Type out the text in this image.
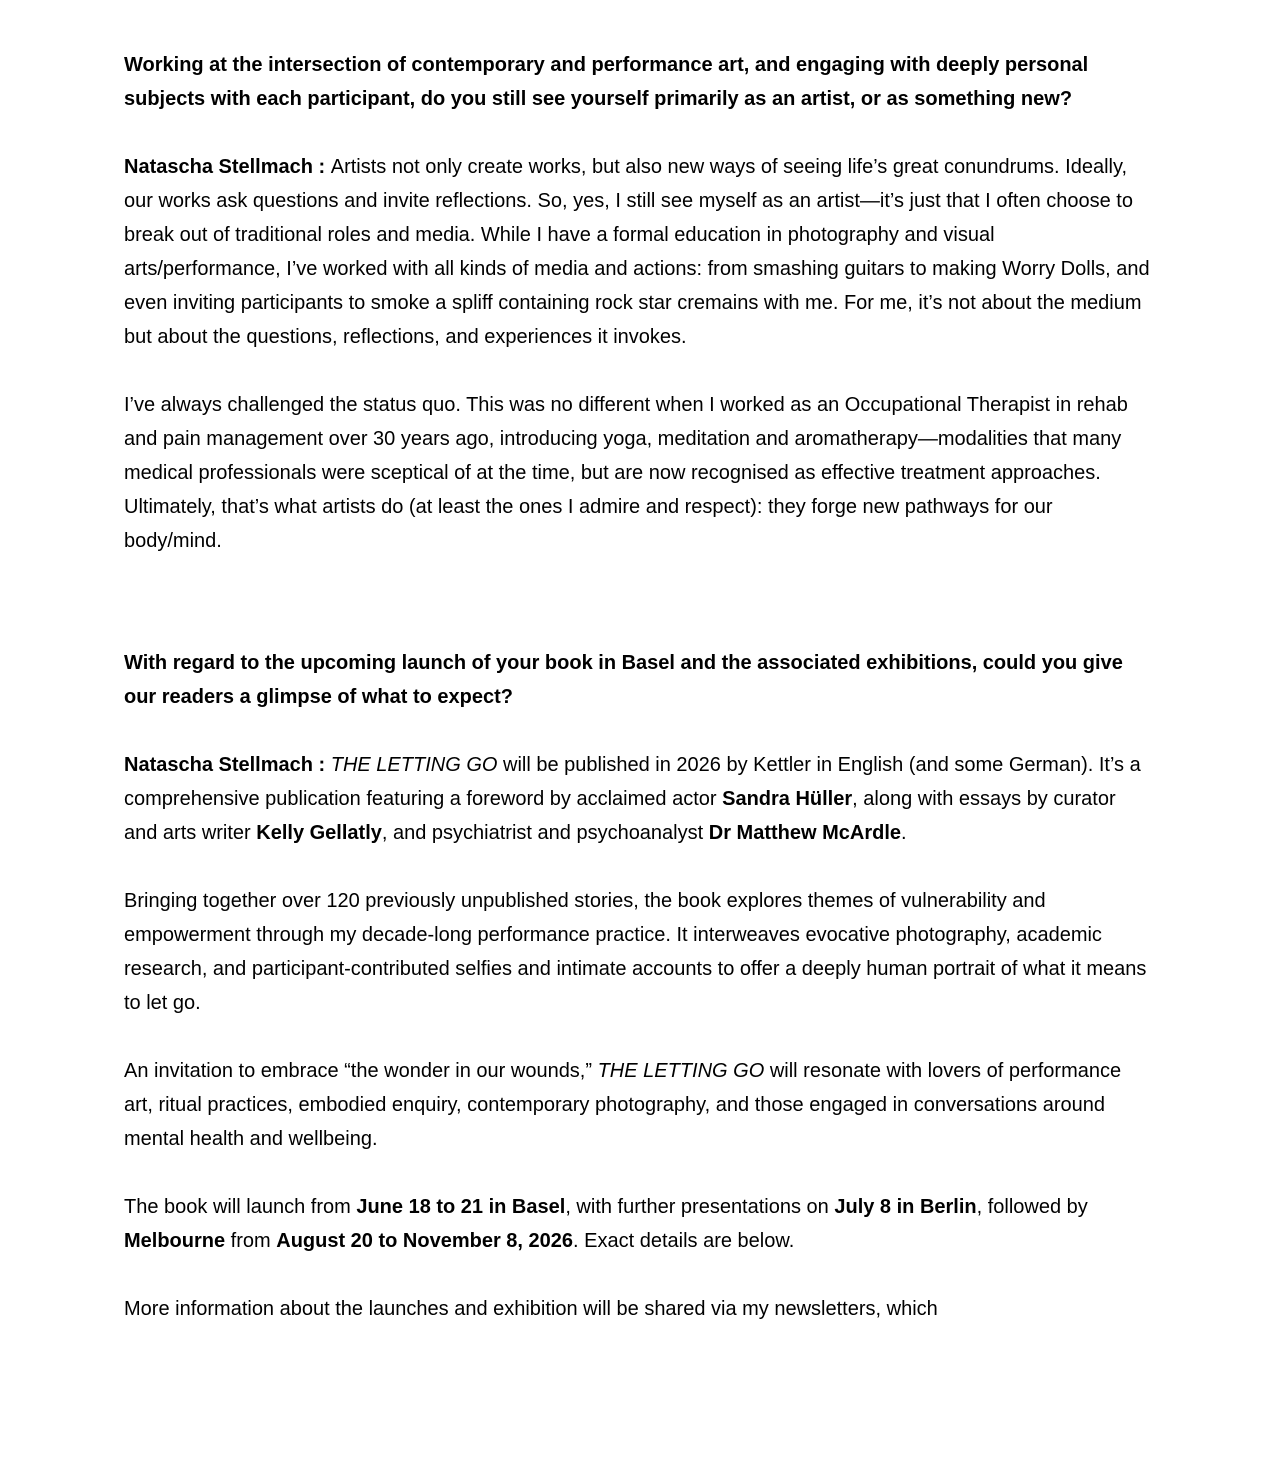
Working at the intersection of contemporary and performance art, and engaging with deeply personal subjects with each participant, do you still see yourself primarily as an artist, or as something new?

Natascha Stellmach : Artists not only create works, but also new ways of seeing life’s great conundrums. Ideally, our works ask questions and invite reflections. So, yes, I still see myself as an artist—it’s just that I often choose to break out of traditional roles and media. While I have a formal education in photography and visual arts/performance, I’ve worked with all kinds of media and actions: from smashing guitars to making Worry Dolls, and even inviting participants to smoke a spliff containing rock star cremains with me. For me, it’s not about the medium but about the questions, reflections, and experiences it invokes.

I’ve always challenged the status quo. This was no different when I worked as an Occupational Therapist in rehab and pain management over 30 years ago, introducing yoga, meditation and aromatherapy—modalities that many medical professionals were sceptical of at the time, but are now recognised as effective treatment approaches. Ultimately, that’s what artists do (at least the ones I admire and respect): they forge new pathways for our body/mind.

With regard to the upcoming launch of your book in Basel and the associated exhibitions, could you give our readers a glimpse of what to expect?

Natascha Stellmach : THE LETTING GO will be published in 2026 by Kettler in English (and some German). It’s a comprehensive publication featuring a foreword by acclaimed actor Sandra Hüller, along with essays by curator and arts writer Kelly Gellatly, and psychiatrist and psychoanalyst Dr Matthew McArdle.

Bringing together over 120 previously unpublished stories, the book explores themes of vulnerability and empowerment through my decade-long performance practice. It interweaves evocative photography, academic research, and participant-contributed selfies and intimate accounts to offer a deeply human portrait of what it means to let go.

An invitation to embrace “the wonder in our wounds,” THE LETTING GO will resonate with lovers of performance art, ritual practices, embodied enquiry, contemporary photography, and those engaged in conversations around mental health and wellbeing.

The book will launch from June 18 to 21 in Basel, with further presentations on July 8 in Berlin, followed by Melbourne from August 20 to November 8, 2026. Exact details are below.

More information about the launches and exhibition will be shared via my newsletters, which
